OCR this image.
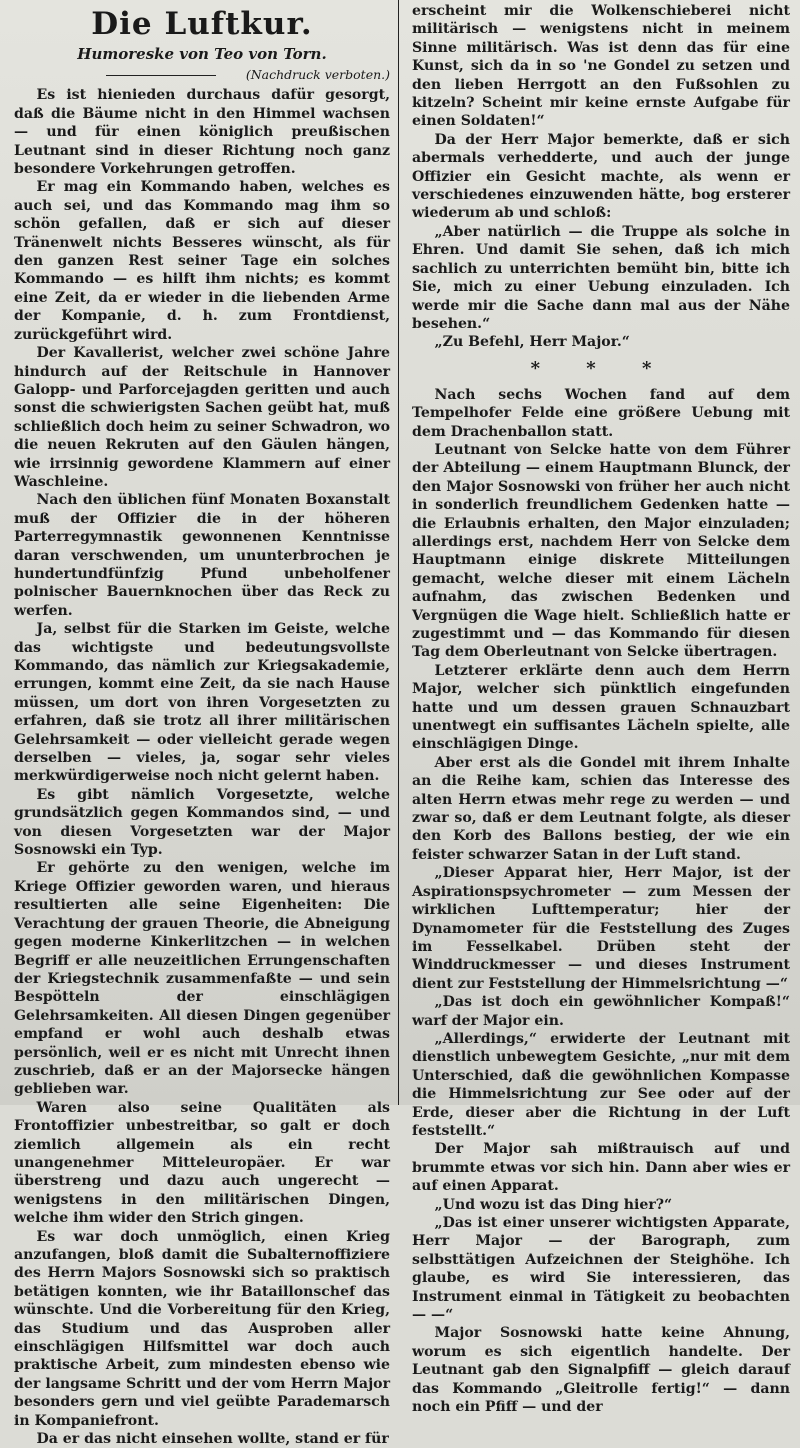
Die Luftkur.
Humoreske von Teo von Torn.
(Nachdruck verboten.)

Es ist hienieden durchaus dafür gesorgt, daß die Bäume nicht in den Himmel wachsen — und für einen königlich preußischen Leutnant sind in dieser Richtung noch ganz besondere Vorkehrungen getroffen.

Er mag ein Kommando haben, welches es auch sei, und das Kommando mag ihm so schön gefallen, daß er sich auf dieser Tränenwelt nichts Besseres wünscht, als für den ganzen Rest seiner Tage ein solches Kommando — es hilft ihm nichts; es kommt eine Zeit, da er wieder in die liebenden Arme der Kompanie, d. h. zum Frontdienst, zurückgeführt wird.

Der Kavallerist, welcher zwei schöne Jahre hindurch auf der Reitschule in Hannover Galopp- und Parforcejagden geritten und auch sonst die schwierigsten Sachen geübt hat, muß schließlich doch heim zu seiner Schwadron, wo die neuen Rekruten auf den Gäulen hängen, wie irrsinnig gewordene Klammern auf einer Waschleine.

Nach den üblichen fünf Monaten Boxanstalt muß der Offizier die in der höheren Parterregymnastik gewonnenen Kenntnisse daran verschwenden, um ununterbrochen je hundertundfünfzig Pfund unbeholfener polnischer Bauernknochen über das Reck zu werfen.

Ja, selbst für die Starken im Geiste, welche das wichtigste und bedeutungsvollste Kommando, das nämlich zur Kriegsakademie, errungen, kommt eine Zeit, da sie nach Hause müssen, um dort von ihren Vorgesetzten zu erfahren, daß sie trotz all ihrer militärischen Gelehrsamkeit — oder vielleicht gerade wegen derselben — vieles, ja, sogar sehr vieles merkwürdigerweise noch nicht gelernt haben.

Es gibt nämlich Vorgesetzte, welche grundsätzlich gegen Kommandos sind, — und von diesen Vorgesetzten war der Major Sosnowski ein Typ.

Er gehörte zu den wenigen, welche im Kriege Offizier geworden waren, und hieraus resultierten alle seine Eigenheiten: Die Verachtung der grauen Theorie, die Abneigung gegen moderne Kinkerlitzchen — in welchen Begriff er alle neuzeitlichen Errungenschaften der Kriegstechnik zusammenfaßte — und sein Bespötteln der einschlägigen Gelehrsamkeiten. All diesen Dingen gegenüber empfand er wohl auch deshalb etwas persönlich, weil er es nicht mit Unrecht ihnen zuschrieb, daß er an der Majorsecke hängen geblieben war.

Waren also seine Qualitäten als Frontoffizier unbestreitbar, so galt er doch ziemlich allgemein als ein recht unangenehmer Mitteleuropäer. Er war überstreng und dazu auch ungerecht — wenigstens in den militärischen Dingen, welche ihm wider den Strich gingen.

Es war doch unmöglich, einen Krieg anzufangen, bloß damit die Subalternoffiziere des Herrn Majors Sosnowski sich so praktisch betätigen konnten, wie ihr Bataillonschef das wünschte. Und die Vorbereitung für den Krieg, das Studium und das Ausproben aller einschlägigen Hilfsmittel war doch auch praktische Arbeit, zum mindesten ebenso wie der langsame Schritt und der vom Herrn Major besonders gern und viel geübte Parademarsch in Kompaniefront.

Da er das nicht einsehen wollte, stand er für

erscheint mir die Wolkenschieberei nicht militärisch — wenigstens nicht in meinem Sinne militärisch. Was ist denn das für eine Kunst, sich da in so 'ne Gondel zu setzen und den lieben Herrgott an den Fußsohlen zu kitzeln? Scheint mir keine ernste Aufgabe für einen Soldaten!“

Da der Herr Major bemerkte, daß er sich abermals verhedderte, und auch der junge Offizier ein Gesicht machte, als wenn er verschiedenes einzuwenden hätte, bog ersterer wiederum ab und schloß:

„Aber natürlich — die Truppe als solche in Ehren. Und damit Sie sehen, daß ich mich sachlich zu unterrichten bemüht bin, bitte ich Sie, mich zu einer Uebung einzuladen. Ich werde mir die Sache dann mal aus der Nähe besehen.“

„Zu Befehl, Herr Major.“

* * *

Nach sechs Wochen fand auf dem Tempelhofer Felde eine größere Uebung mit dem Drachenballon statt.

Leutnant von Selcke hatte von dem Führer der Abteilung — einem Hauptmann Blunck, der den Major Sosnowski von früher her auch nicht in sonderlich freundlichem Gedenken hatte — die Erlaubnis erhalten, den Major einzuladen; allerdings erst, nachdem Herr von Selcke dem Hauptmann einige diskrete Mitteilungen gemacht, welche dieser mit einem Lächeln aufnahm, das zwischen Bedenken und Vergnügen die Wage hielt. Schließlich hatte er zugestimmt und — das Kommando für diesen Tag dem Oberleutnant von Selcke übertragen.

Letzterer erklärte denn auch dem Herrn Major, welcher sich pünktlich eingefunden hatte und um dessen grauen Schnauzbart unentwegt ein suffisantes Lächeln spielte, alle einschlägigen Dinge.

Aber erst als die Gondel mit ihrem Inhalte an die Reihe kam, schien das Interesse des alten Herrn etwas mehr rege zu werden — und zwar so, daß er dem Leutnant folgte, als dieser den Korb des Ballons bestieg, der wie ein feister schwarzer Satan in der Luft stand.

„Dieser Apparat hier, Herr Major, ist der Aspirationspsychrometer — zum Messen der wirklichen Lufttemperatur; hier der Dynamometer für die Feststellung des Zuges im Fesselkabel. Drüben steht der Winddruckmesser — und dieses Instrument dient zur Feststellung der Himmelsrichtung —“

„Das ist doch ein gewöhnlicher Kompaß!“ warf der Major ein.

„Allerdings,“ erwiderte der Leutnant mit dienstlich unbewegtem Gesichte, „nur mit dem Unterschied, daß die gewöhnlichen Kompasse die Himmelsrichtung zur See oder auf der Erde, dieser aber die Richtung in der Luft feststellt.“

Der Major sah mißtrauisch auf und brummte etwas vor sich hin. Dann aber wies er auf einen Apparat.

„Und wozu ist das Ding hier?“

„Das ist einer unserer wichtigsten Apparate, Herr Major — der Barograph, zum selbsttätigen Aufzeichnen der Steighöhe. Ich glaube, es wird Sie interessieren, das Instrument einmal in Tätigkeit zu beobachten — —“

Major Sosnowski hatte keine Ahnung, worum es sich eigentlich handelte. Der Leutnant gab den Signalpfiff — gleich darauf das Kommando „Gleitrolle fertig!“ — dann noch ein Pfiff — und der
